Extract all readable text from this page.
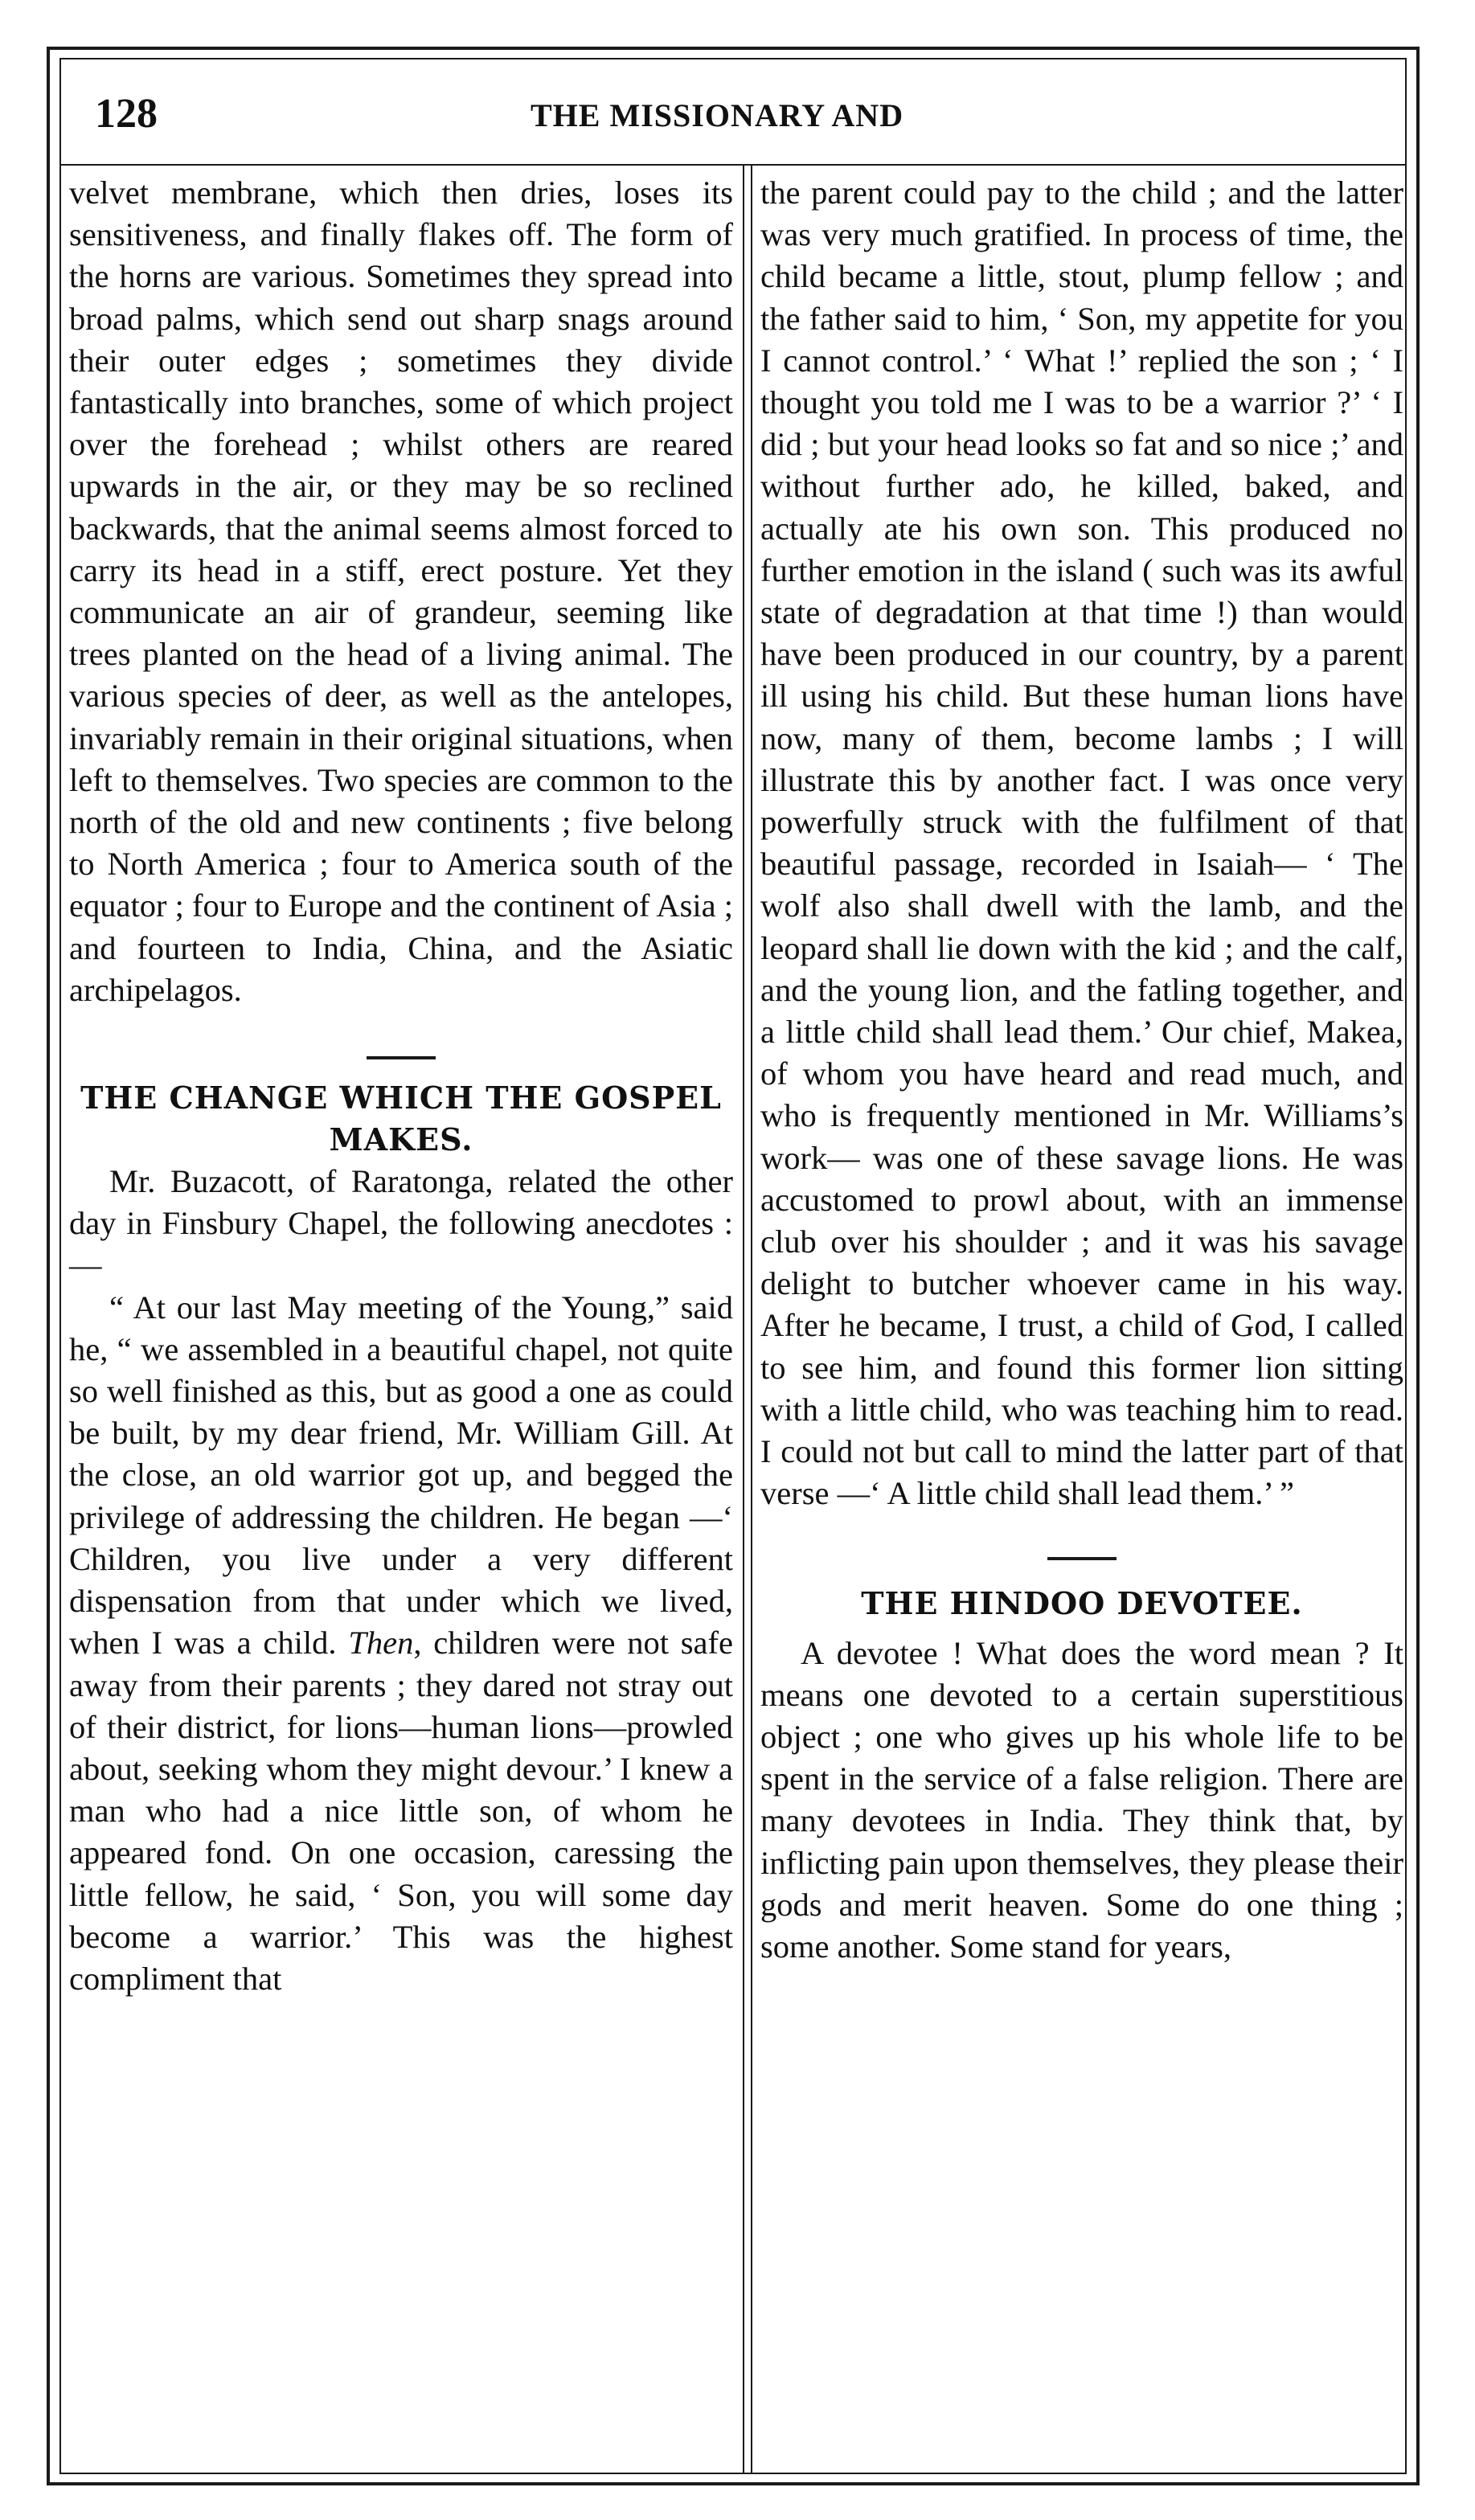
128	THE MISSIONARY AND

velvet membrane, which then dries, loses its sensitiveness, and finally flakes off. The form of the horns are various. Sometimes they spread into broad palms, which send out sharp snags around their outer edges ; sometimes they divide fantastically into branches, some of which project over the forehead ; whilst others are reared upwards in the air, or they may be so reclined backwards, that the animal seems almost forced to carry its head in a stiff, erect posture. Yet they communicate an air of grandeur, seeming like trees planted on the head of a living animal. The various species of deer, as well as the antelopes, invariably remain in their original situations, when left to themselves. Two species are common to the north of the old and new continents ; five belong to North America ; four to America south of the equator ; four to Europe and the continent of Asia ; and fourteen to India, China, and the Asiatic archipelagos.

THE CHANGE WHICH THE GOSPEL MAKES.

Mr. Buzacott, of Raratonga, related the other day in Finsbury Chapel, the following anecdotes :—

“ At our last May meeting of the Young,” said he, “ we assembled in a beautiful chapel, not quite so well finished as this, but as good a one as could be built, by my dear friend, Mr. William Gill. At the close, an old warrior got up, and begged the privilege of addressing the children. He began —‘ Children, you live under a very different dispensation from that under which we lived, when I was a child. Then, children were not safe away from their parents ; they dared not stray out of their district, for lions—human lions—prowled about, seeking whom they might devour.’ I knew a man who had a nice little son, of whom he appeared fond. On one occasion, caressing the little fellow, he said, ‘ Son, you will some day become a warrior.’ This was the highest compliment that

the parent could pay to the child ; and the latter was very much gratified. In process of time, the child became a little, stout, plump fellow ; and the father said to him, ‘ Son, my appetite for you I cannot control.’ ‘ What !’ replied the son ; ‘ I thought you told me I was to be a warrior ?’ ‘ I did ; but your head looks so fat and so nice ;’ and without further ado, he killed, baked, and actually ate his own son. This produced no further emotion in the island ( such was its awful state of degradation at that time !) than would have been produced in our country, by a parent ill using his child. But these human lions have now, many of them, become lambs ; I will illustrate this by another fact. I was once very powerfully struck with the fulfilment of that beautiful passage, recorded in Isaiah— ‘ The wolf also shall dwell with the lamb, and the leopard shall lie down with the kid ; and the calf, and the young lion, and the fatling together, and a little child shall lead them.’ Our chief, Makea, of whom you have heard and read much, and who is frequently mentioned in Mr. Williams’s work— was one of these savage lions. He was accustomed to prowl about, with an immense club over his shoulder ; and it was his savage delight to butcher whoever came in his way. After he became, I trust, a child of God, I called to see him, and found this former lion sitting with a little child, who was teaching him to read. I could not but call to mind the latter part of that verse —‘ A little child shall lead them.’ ”

THE HINDOO DEVOTEE.

A devotee ! What does the word mean ? It means one devoted to a certain superstitious object ; one who gives up his whole life to be spent in the service of a false religion. There are many devotees in India. They think that, by inflicting pain upon themselves, they please their gods and merit heaven. Some do one thing ; some another. Some stand for years,
